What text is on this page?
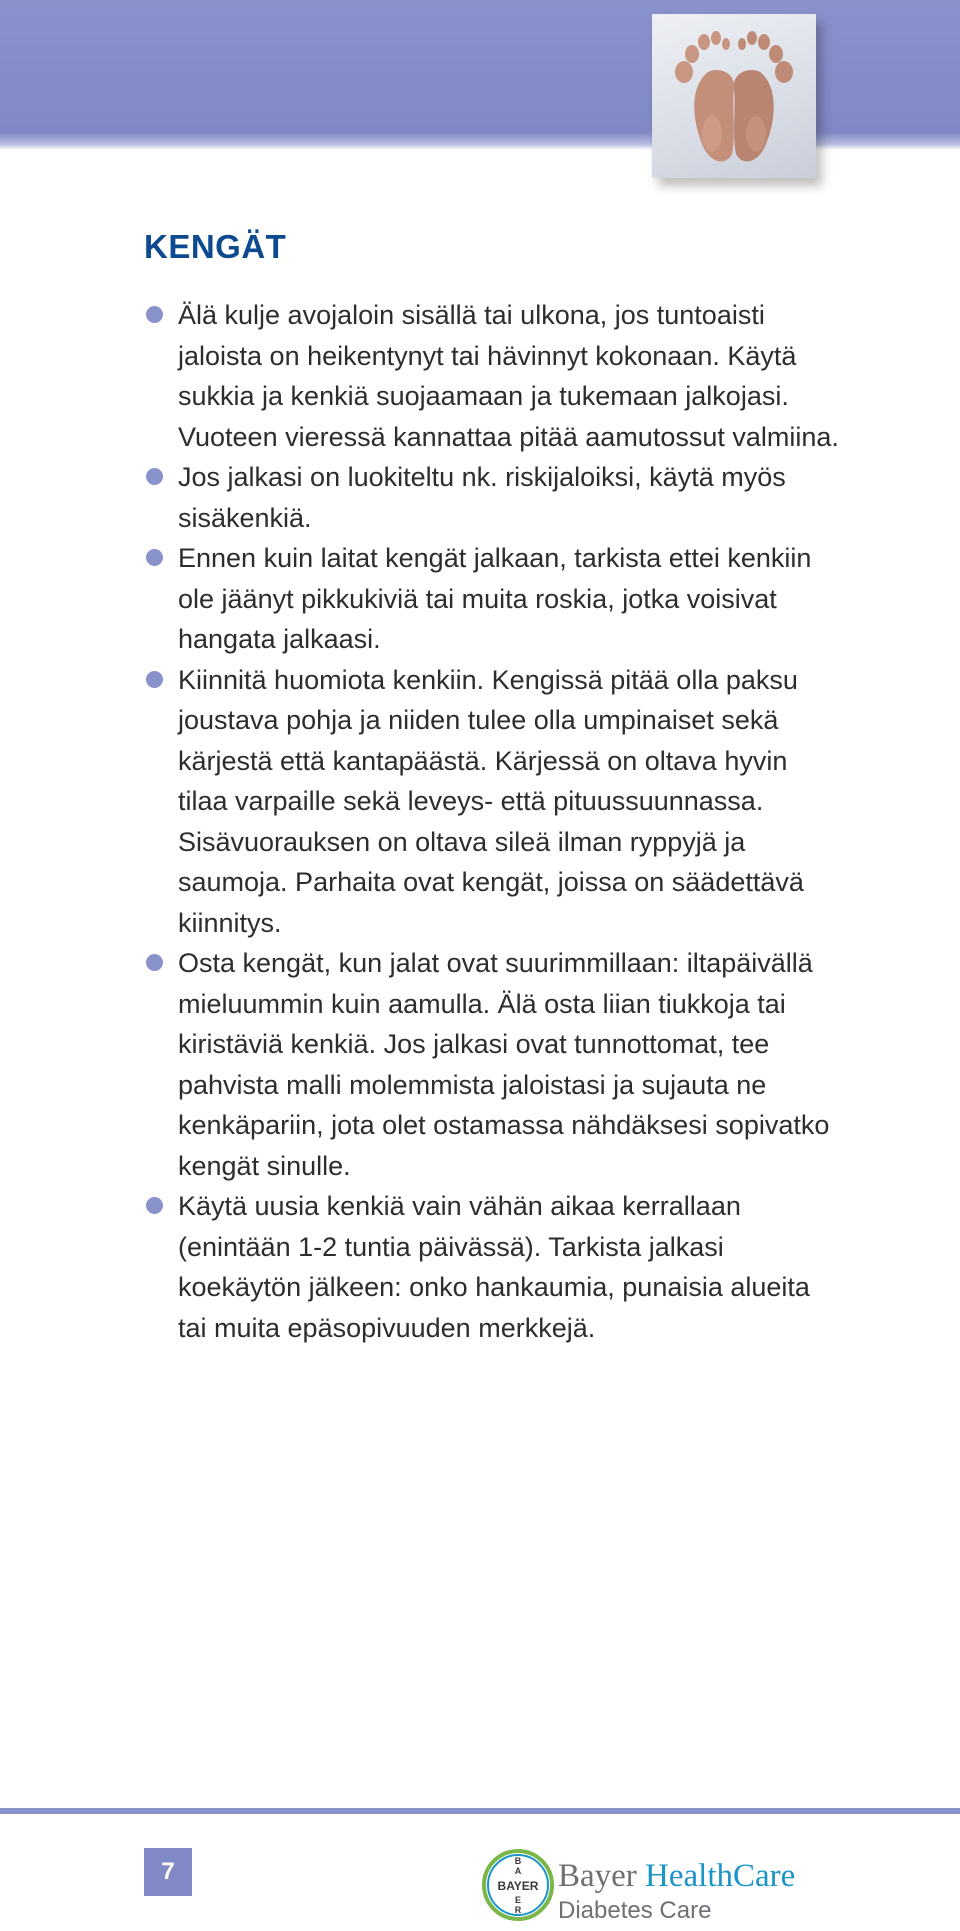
KENGÄT
Älä kulje avojaloin sisällä tai ulkona, jos tuntoaisti jaloista on heikentynyt tai hävinnyt kokonaan. Käytä sukkia ja kenkiä suojaamaan ja tukemaan jalkojasi. Vuoteen vieressä kannattaa pitää aamutossut valmiina.
Jos jalkasi on luokiteltu nk. riskijaloiksi, käytä myös sisäkenkiä.
Ennen kuin laitat kengät jalkaan, tarkista ettei kenkiin ole jäänyt pikkukiviä tai muita roskia, jotka voisivat hangata jalkaasi.
Kiinnitä huomiota kenkiin. Kengissä pitää olla paksu joustava pohja ja niiden tulee olla umpinaiset sekä kärjestä että kantapäästä. Kärjessä on oltava hyvin tilaa varpaille sekä leveys- että pituussuunnassa. Sisävuorauksen on oltava sileä ilman ryppyjä ja saumoja. Parhaita ovat kengät, joissa on säädettävä kiinnitys.
Osta kengät, kun jalat ovat suurimmillaan: iltapäivällä mieluummin kuin aamulla. Älä osta liian tiukkoja tai kiristäviä kenkiä. Jos jalkasi ovat tunnottomat, tee pahvista malli molemmista jaloistasi ja sujauta ne kenkäpariin, jota olet ostamassa nähdäksesi sopivatko kengät sinulle.
Käytä uusia kenkiä vain vähän aikaa kerrallaan (enintään 1-2 tuntia päivässä). Tarkista jalkasi koekäytön jälkeen: onko hankaumia, punaisia alueita tai muita epäsopivuuden merkkejä.
7
BAYER
B
A
E
R
Bayer HealthCare
Diabetes Care
